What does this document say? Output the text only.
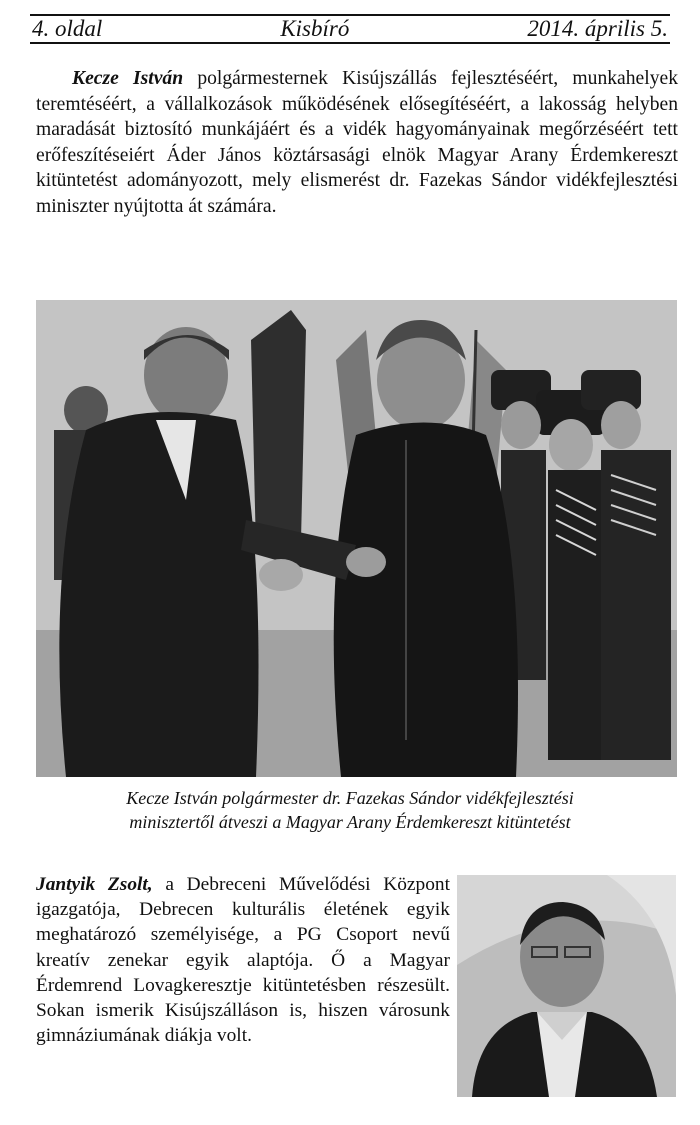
4. oldal	Kisbíró	2014. április 5.

Kecze István polgármesternek Kisújszállás fejlesztéséért, munkahelyek teremtéséért, a vállalkozások működésének elősegítéséért, a lakosság helyben maradását biztosító munkájáért és a vidék hagyományainak megőrzéséért tett erőfeszítéseiért Áder János köztársasági elnök Magyar Arany Érdemkereszt kitüntetést adományozott, mely elismerést dr. Fazekas Sándor vidékfejlesztési miniszter nyújtotta át számára.

Kecze István polgármester dr. Fazekas Sándor vidékfejlesztési
minisztertől átveszi a Magyar Arany Érdemkereszt kitüntetést

Jantyik Zsolt, a Debreceni Művelődési Központ igazgatója, Debrecen kulturális életének egyik meghatározó személyisége, a PG Csoport nevű kreatív zenekar egyik alaptója. Ő a Magyar Érdemrend Lovagkeresztje kitüntetésben részesült. Sokan ismerik Kisújszálláson is, hiszen városunk gimnáziumának diákja volt.
